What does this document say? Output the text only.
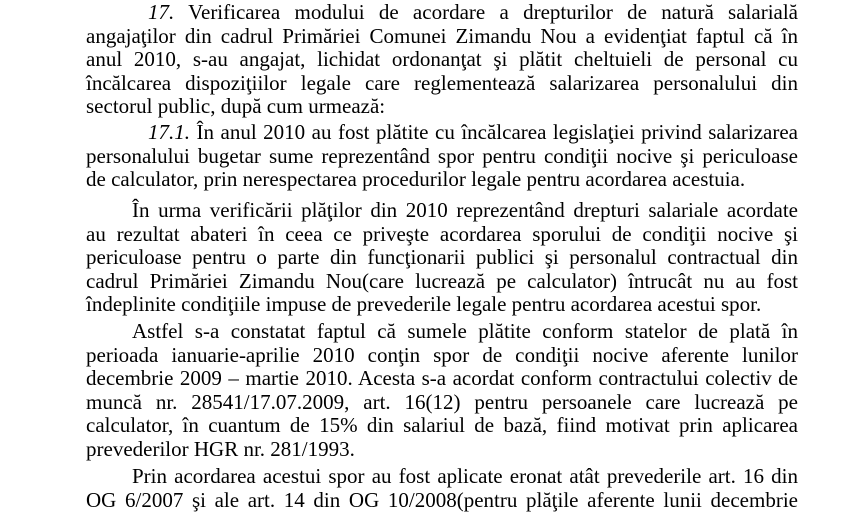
17. Verificarea modului de acordare a drepturilor de natură salarială
angajaţilor din cadrul Primăriei Comunei Zimandu Nou a evidenţiat faptul că în
anul 2010, s-au angajat, lichidat ordonanţat şi plătit cheltuieli de personal cu
încălcarea dispoziţiilor legale care reglementează salarizarea personalului din
sectorul public, după cum urmează:
17.1. În anul 2010 au fost plătite cu încălcarea legislaţiei privind salarizarea
personalului bugetar sume reprezentând spor pentru condiţii nocive şi periculoase
de calculator, prin nerespectarea procedurilor legale pentru acordarea acestuia.
În urma verificării plăţilor din 2010 reprezentând drepturi salariale acordate
au rezultat abateri în ceea ce priveşte acordarea sporului de condiţii nocive şi
periculoase pentru o parte din funcţionarii publici şi personalul contractual din
cadrul Primăriei Zimandu Nou(care lucrează pe calculator) întrucât nu au fost
îndeplinite condiţiile impuse de prevederile legale pentru acordarea acestui spor.
Astfel s-a constatat faptul că sumele plătite conform statelor de plată în
perioada ianuarie-aprilie 2010 conţin spor de condiţii nocive aferente lunilor
decembrie 2009 – martie 2010. Acesta s-a acordat conform contractului colectiv de
muncă nr. 28541/17.07.2009, art. 16(12) pentru persoanele care lucrează pe
calculator, în cuantum de 15% din salariul de bază, fiind motivat prin aplicarea
prevederilor HGR nr. 281/1993.
Prin acordarea acestui spor au fost aplicate eronat atât prevederile art. 16 din
OG 6/2007 şi ale art. 14 din OG 10/2008(pentru plăţile aferente lunii decembrie
